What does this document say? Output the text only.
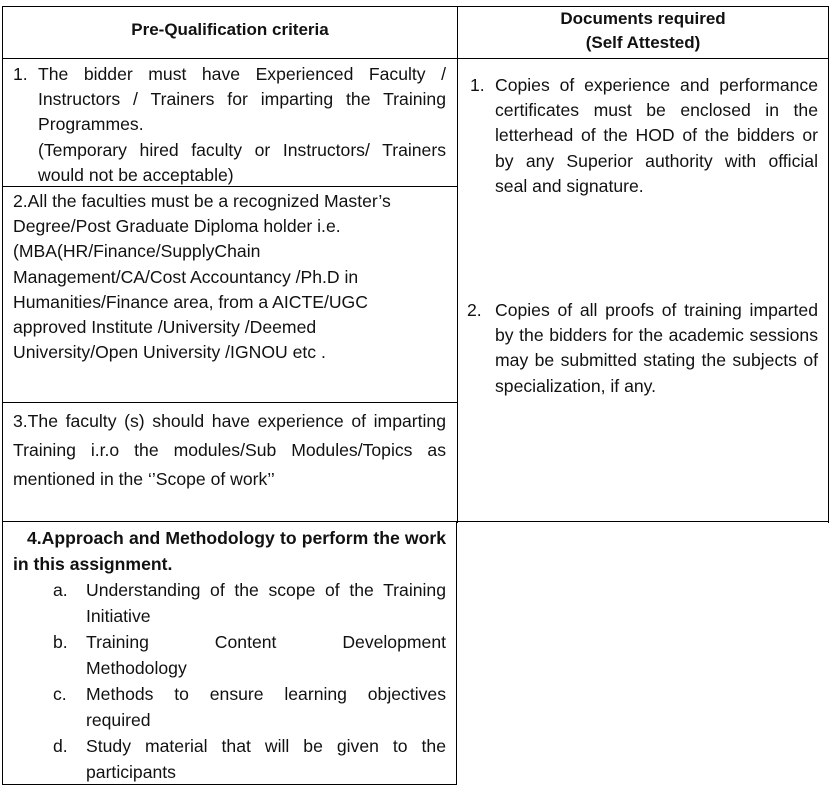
Pre-Qualification criteria
Documents required
(Self Attested)
1. The bidder must have Experienced Faculty / Instructors / Trainers for imparting the Training Programmes.
(Temporary hired faculty or Instructors/ Trainers would not be acceptable)
2.All the faculties must be a recognized Master’s Degree/Post Graduate Diploma holder i.e. (MBA(HR/Finance/SupplyChain Management/CA/Cost Accountancy /Ph.D in Humanities/Finance area, from a AICTE/UGC approved Institute /University /Deemed University/Open University /IGNOU etc .
3.The faculty (s) should have experience of imparting Training i.r.o the modules/Sub Modules/Topics as mentioned in the ‘’Scope of work’’
4.Approach and Methodology to perform the work in this assignment.
a. Understanding of the scope of the Training Initiative
b. Training Content Development Methodology
c. Methods to ensure learning objectives required
d. Study material that will be given to the participants
1. Copies of experience and performance certificates must be enclosed in the letterhead of the HOD of the bidders or by any Superior authority with official seal and signature.
2. Copies of all proofs of training imparted by the bidders for the academic sessions may be submitted stating the subjects of specialization, if any.
